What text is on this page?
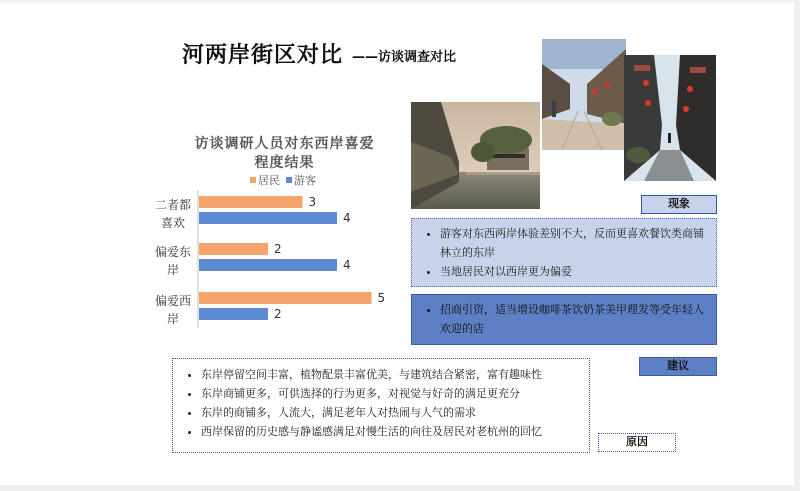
河两岸街区对比 ——访谈调查对比
访谈调研人员对东西岸喜爱
程度结果
居民 游客
二者都
喜欢
偏爱东
岸
偏爱西
岸
3
2
5
4
4
2
现象
• 游客对东西两岸体验差别不大，反而更喜欢餐饮类商铺林立的东岸
• 当地居民对以西岸更为偏爱
• 招商引资，适当增设咖啡茶饮奶茶美甲理发等受年轻人欢迎的店
建议
• 东岸停留空间丰富，植物配景丰富优美，与建筑结合紧密，富有趣味性
• 东岸商铺更多，可供选择的行为更多，对视觉与好奇的满足更充分
• 东岸的商铺多，人流大，满足老年人对热闹与人气的需求
• 西岸保留的历史感与静谧感满足对慢生活的向往及居民对老杭州的回忆
原因
